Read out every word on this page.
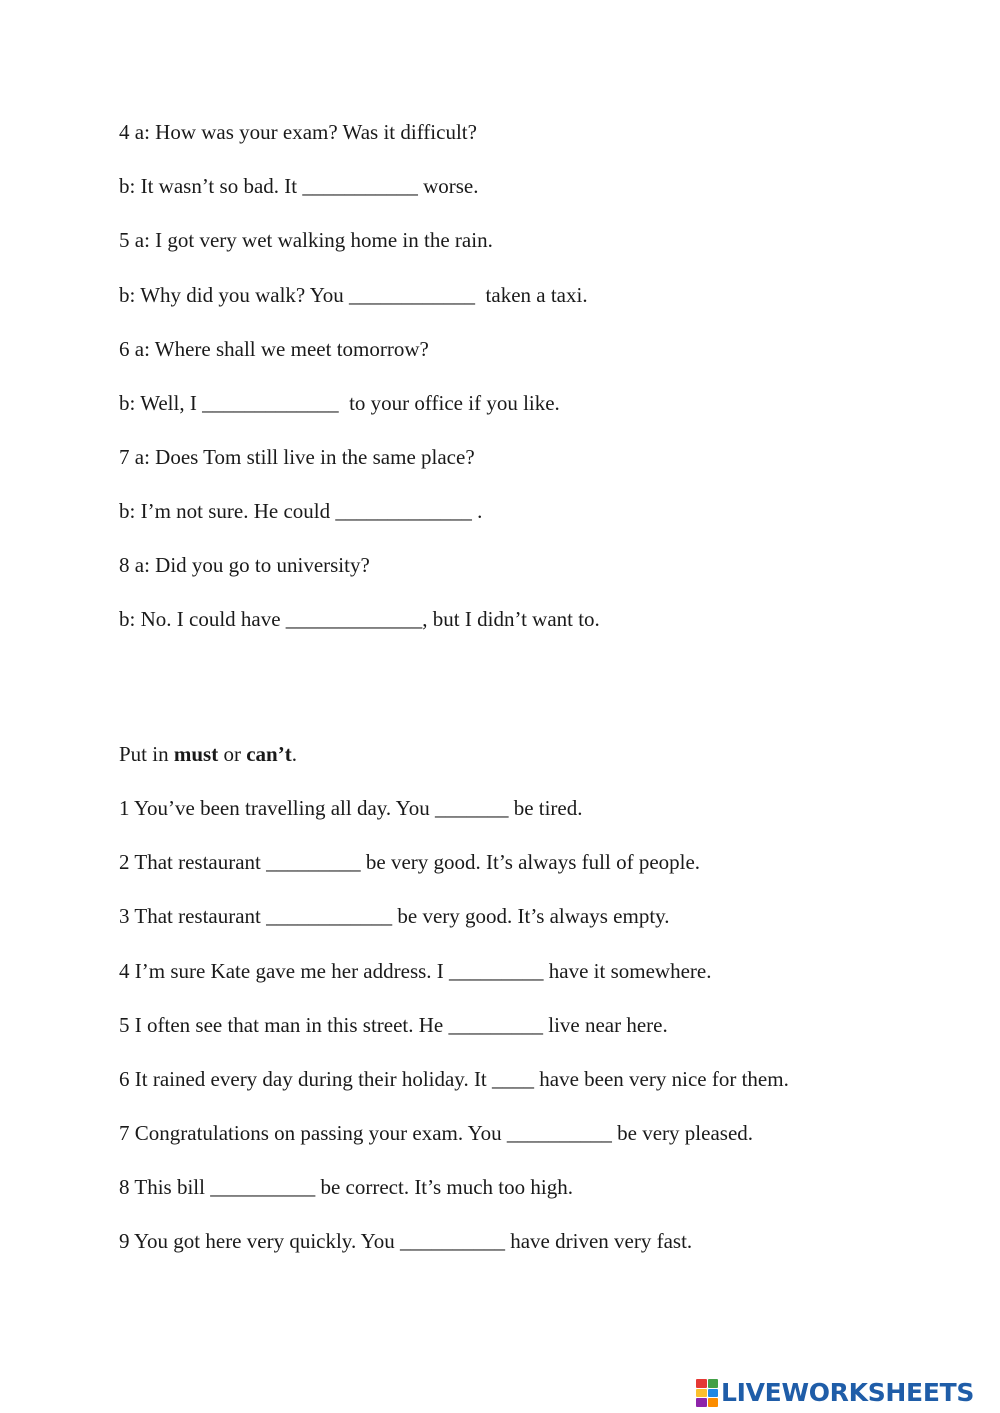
4 a: How was your exam? Was it difficult?
b: It wasn’t so bad. It ___________ worse.
5 a: I got very wet walking home in the rain.
b: Why did you walk? You ____________  taken a taxi.
6 a: Where shall we meet tomorrow?
b: Well, I _____________  to your office if you like.
7 a: Does Tom still live in the same place?
b: I’m not sure. He could _____________ .
8 a: Did you go to university?
b: No. I could have _____________, but I didn’t want to.
Put in must or can’t.
1 You’ve been travelling all day. You _______ be tired.
2 That restaurant _________ be very good. It’s always full of people.
3 That restaurant ____________ be very good. It’s always empty.
4 I’m sure Kate gave me her address. I _________ have it somewhere.
5 I often see that man in this street. He _________ live near here.
6 It rained every day during their holiday. It ____ have been very nice for them.
7 Congratulations on passing your exam. You __________ be very pleased.
8 This bill __________ be correct. It’s much too high.
9 You got here very quickly. You __________ have driven very fast.
LIVEWORKSHEETS
